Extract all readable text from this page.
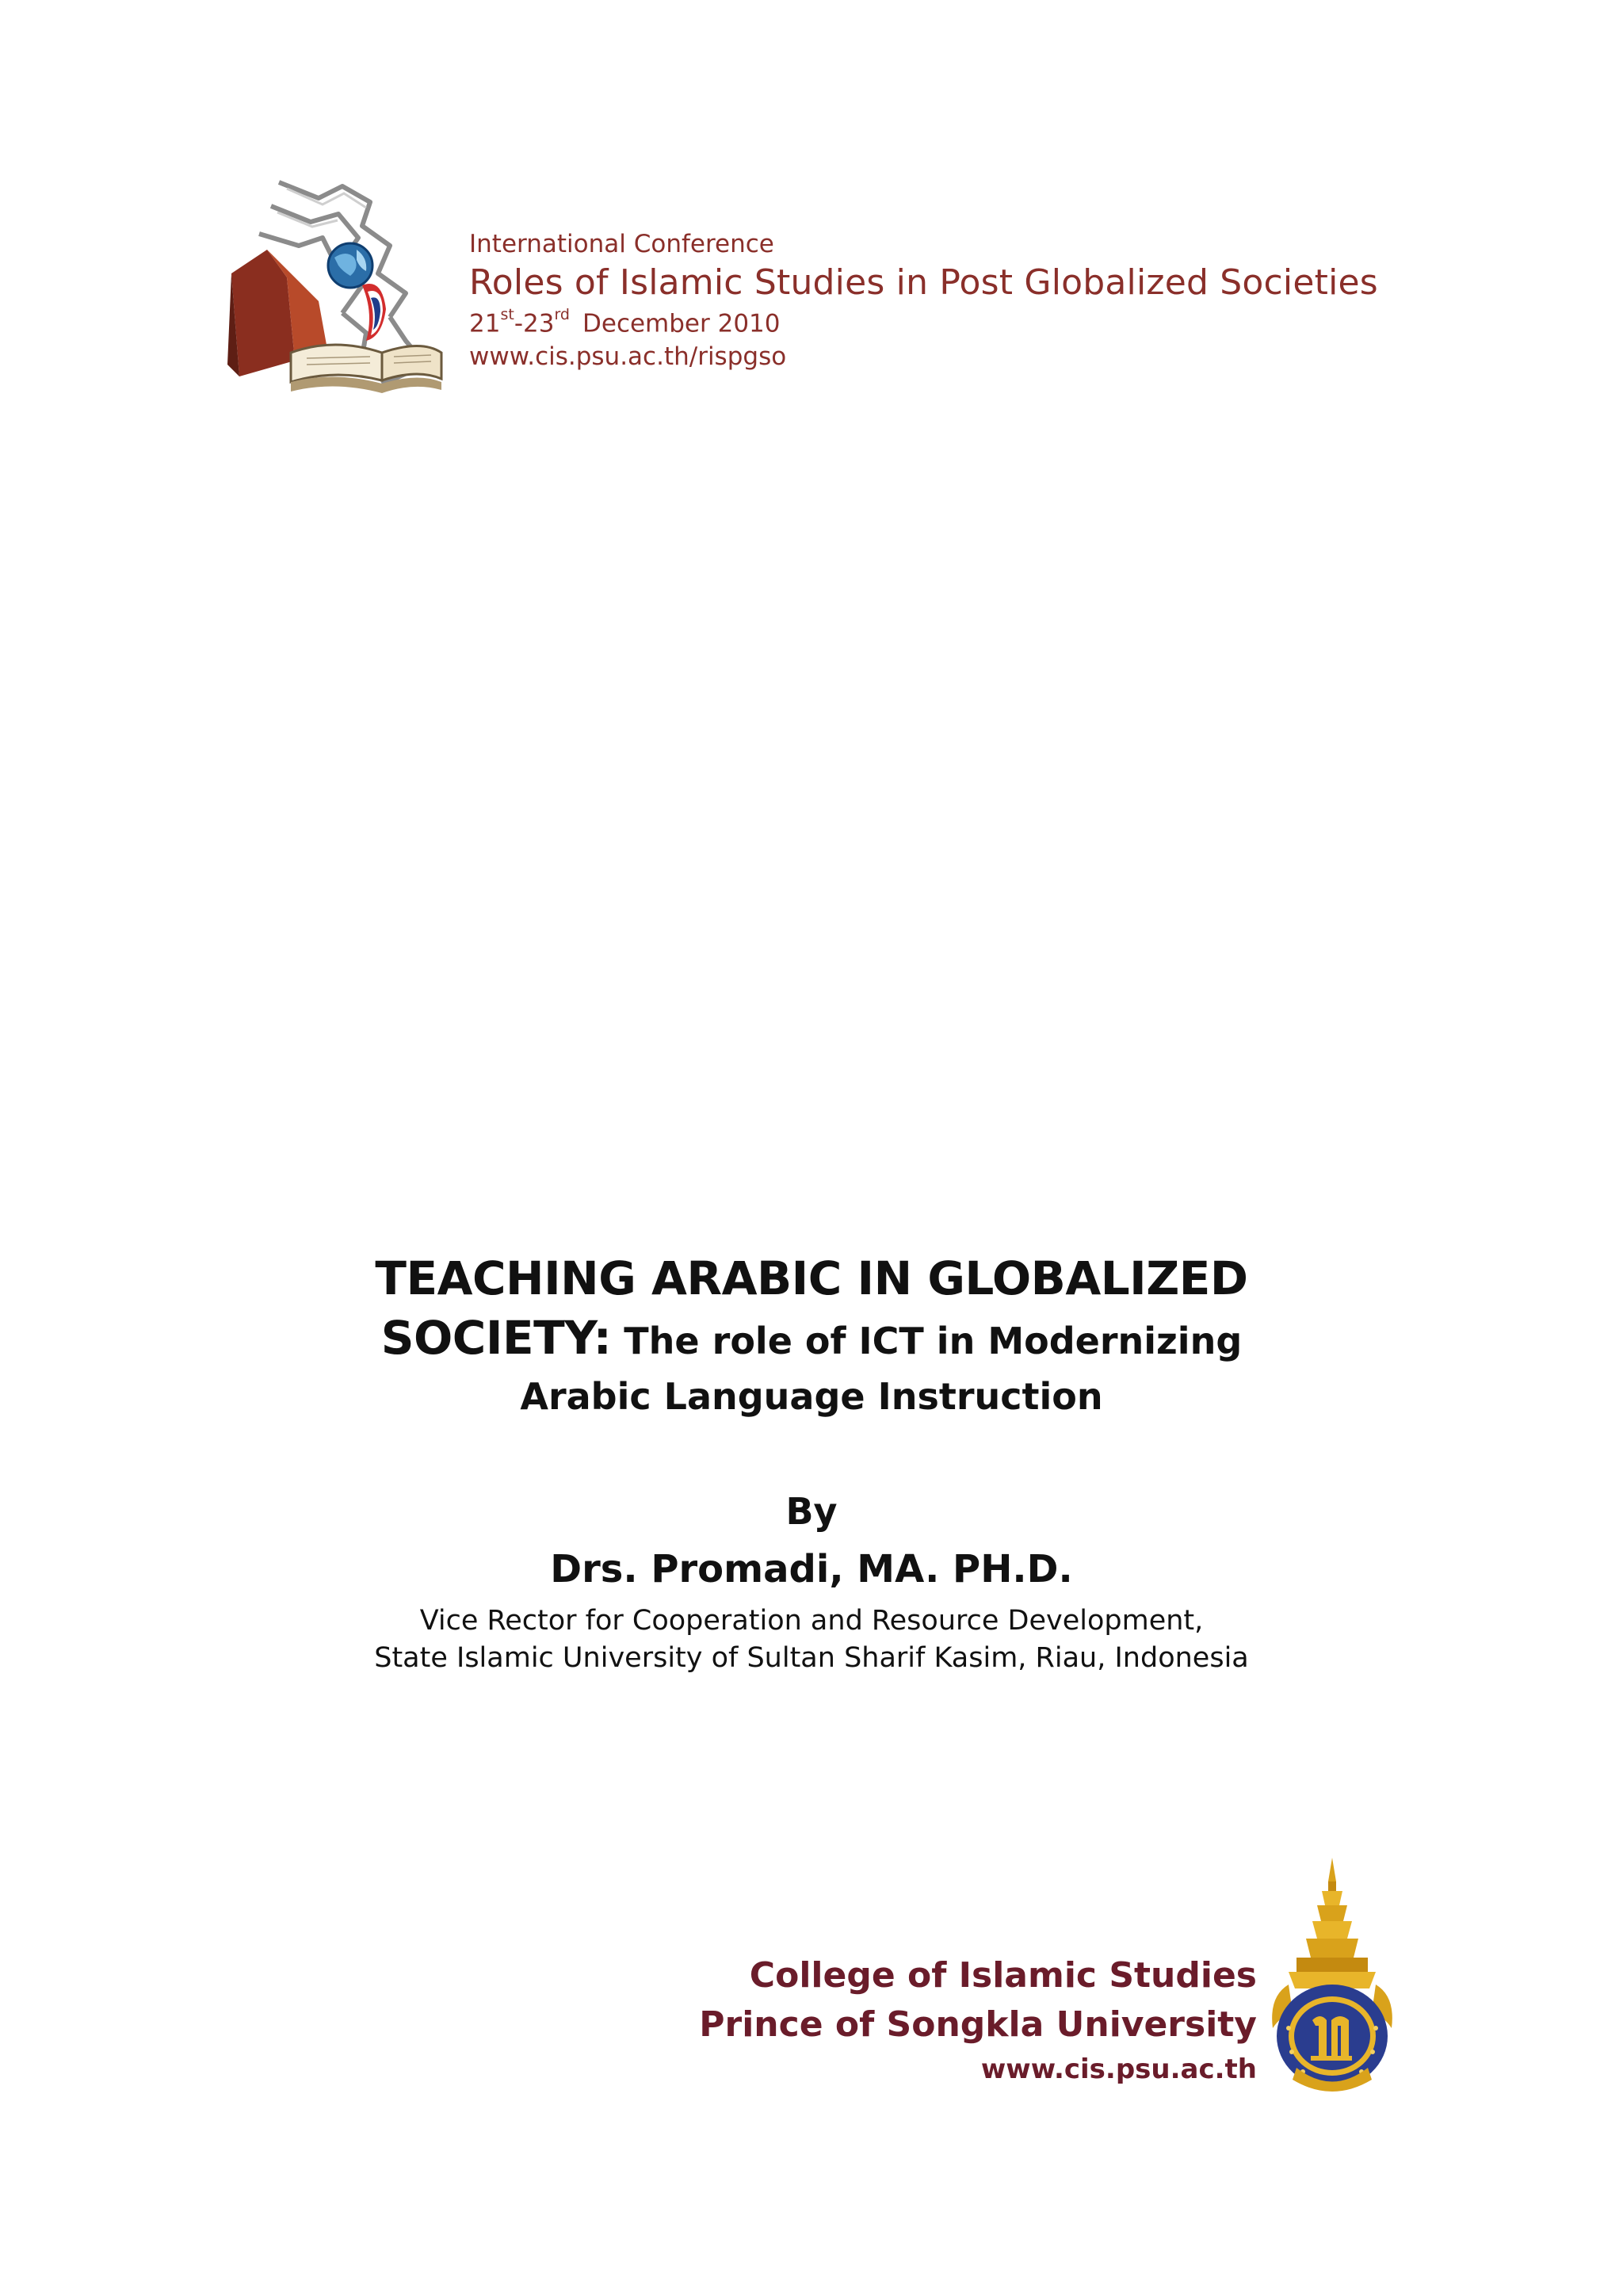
International Conference
Roles of Islamic Studies in Post Globalized Societies
21st-23rd December 2010
www.cis.psu.ac.th/rispgso
TEACHING ARABIC IN GLOBALIZED
SOCIETY: The role of ICT in Modernizing
Arabic Language Instruction
By
Drs. Promadi, MA. PH.D.
Vice Rector for Cooperation and Resource Development,
State Islamic University of Sultan Sharif Kasim, Riau, Indonesia
College of Islamic Studies
Prince of Songkla University
www.cis.psu.ac.th
